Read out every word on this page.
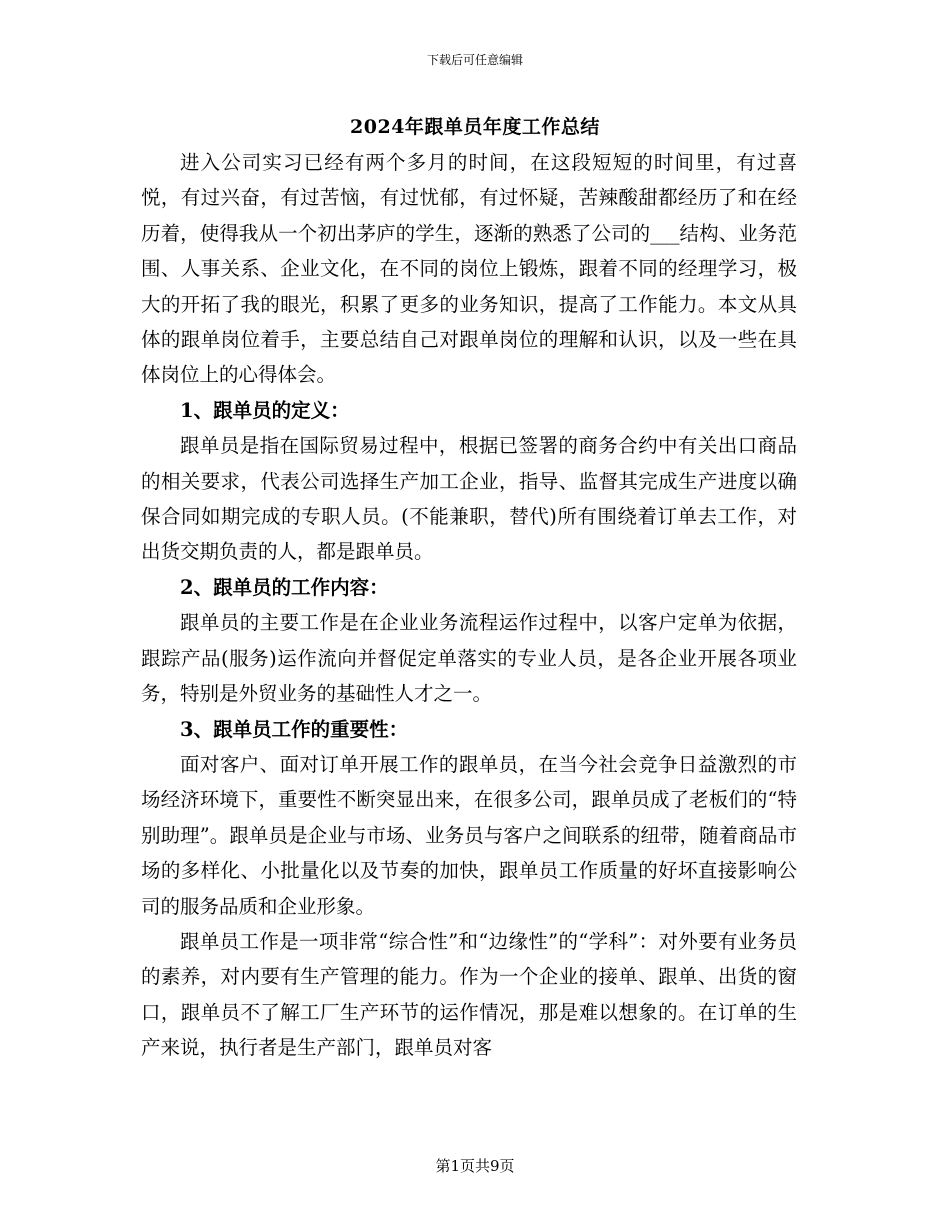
下载后可任意编辑
2024年跟单员年度工作总结

进入公司实习已经有两个多月的时间，在这段短短的时间里，有过喜悦，有过兴奋，有过苦恼，有过忧郁，有过怀疑，苦辣酸甜都经历了和在经历着，使得我从一个初出茅庐的学生，逐渐的熟悉了公司的___结构、业务范围、人事关系、企业文化，在不同的岗位上锻炼，跟着不同的经理学习，极大的开拓了我的眼光，积累了更多的业务知识，提高了工作能力。本文从具体的跟单岗位着手，主要总结自己对跟单岗位的理解和认识，以及一些在具体岗位上的心得体会。

1、跟单员的定义：

跟单员是指在国际贸易过程中，根据已签署的商务合约中有关出口商品的相关要求，代表公司选择生产加工企业，指导、监督其完成生产进度以确保合同如期完成的专职人员。(不能兼职，替代)所有围绕着订单去工作，对出货交期负责的人，都是跟单员。

2、跟单员的工作内容：

跟单员的主要工作是在企业业务流程运作过程中，以客户定单为依据，跟踪产品(服务)运作流向并督促定单落实的专业人员，是各企业开展各项业务，特别是外贸业务的基础性人才之一。

3、跟单员工作的重要性：

面对客户、面对订单开展工作的跟单员，在当今社会竞争日益激烈的市场经济环境下，重要性不断突显出来，在很多公司，跟单员成了老板们的“特别助理”。跟单员是企业与市场、业务员与客户之间联系的纽带，随着商品市场的多样化、小批量化以及节奏的加快，跟单员工作质量的好坏直接影响公司的服务品质和企业形象。

跟单员工作是一项非常“综合性”和“边缘性”的“学科”：对外要有业务员的素养，对内要有生产管理的能力。作为一个企业的接单、跟单、出货的窗口，跟单员不了解工厂生产环节的运作情况，那是难以想象的。在订单的生产来说，执行者是生产部门，跟单员对客

第1页共9页
